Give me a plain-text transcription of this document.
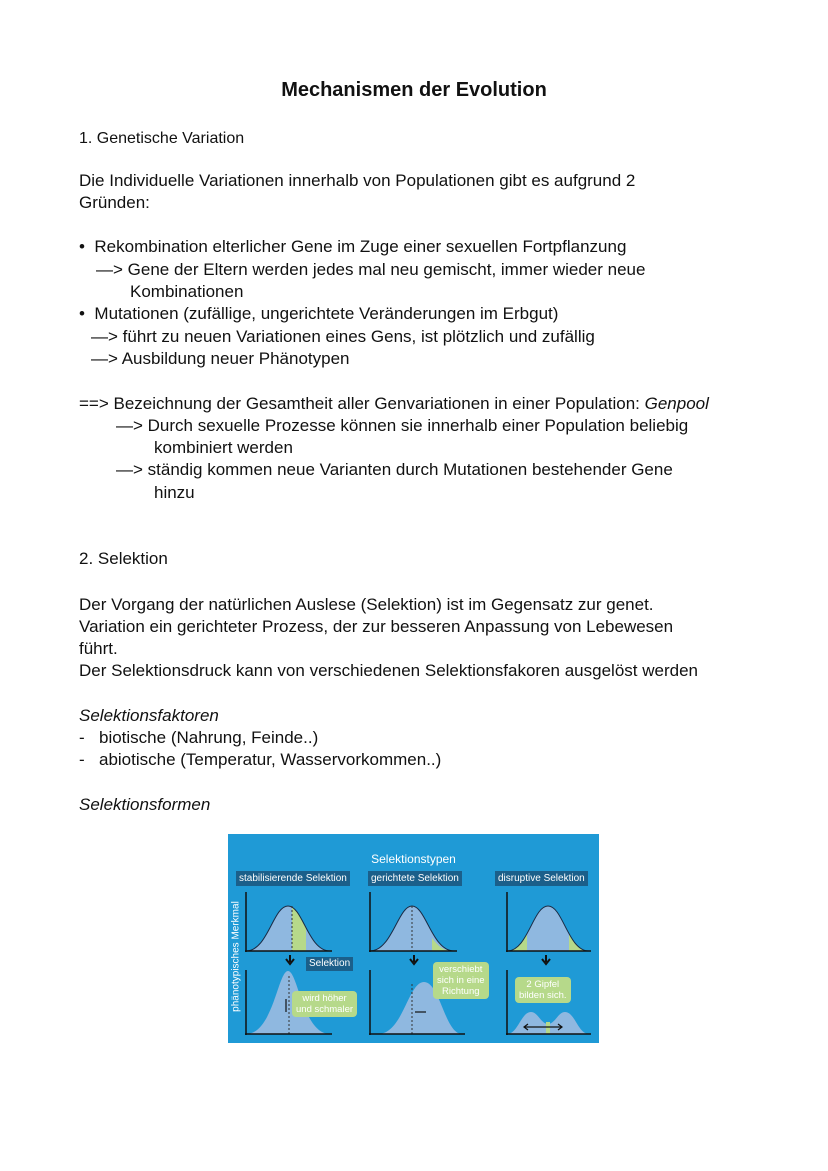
Mechanismen der Evolution
1. Genetische Variation
Die Individuelle Variationen innerhalb von Populationen gibt es aufgrund 2
Gründen:
•  Rekombination elterlicher Gene im Zuge einer sexuellen Fortpflanzung
—> Gene der Eltern werden jedes mal neu gemischt, immer wieder neue
Kombinationen
•  Mutationen (zufällige, ungerichtete Veränderungen im Erbgut)
—> führt zu neuen Variationen eines Gens, ist plötzlich und zufällig
—> Ausbildung neuer Phänotypen
==> Bezeichnung der Gesamtheit aller Genvariationen in einer Population: Genpool
—> Durch sexuelle Prozesse können sie innerhalb einer Population beliebig
kombiniert werden
—> ständig kommen neue Varianten durch Mutationen bestehender Gene
hinzu
2. Selektion
Der Vorgang der natürlichen Auslese (Selektion) ist im Gegensatz zur genet.
Variation ein gerichteter Prozess, der zur besseren Anpassung von Lebewesen
führt.
Der Selektionsdruck kann von verschiedenen Selektionsfakoren ausgelöst werden
Selektionsfaktoren
- biotische (Nahrung, Feinde..)
- abiotische (Temperatur, Wasservorkommen..)
Selektionsformen
Selektionstypen
stabilisierende Selektion	gerichtete Selektion	disruptive Selektion
phänotypisches Merkmal	Selektion
wird höher
und schmaler
verschiebt
sich in eine
Richtung
2 Gipfel
bilden sich.
